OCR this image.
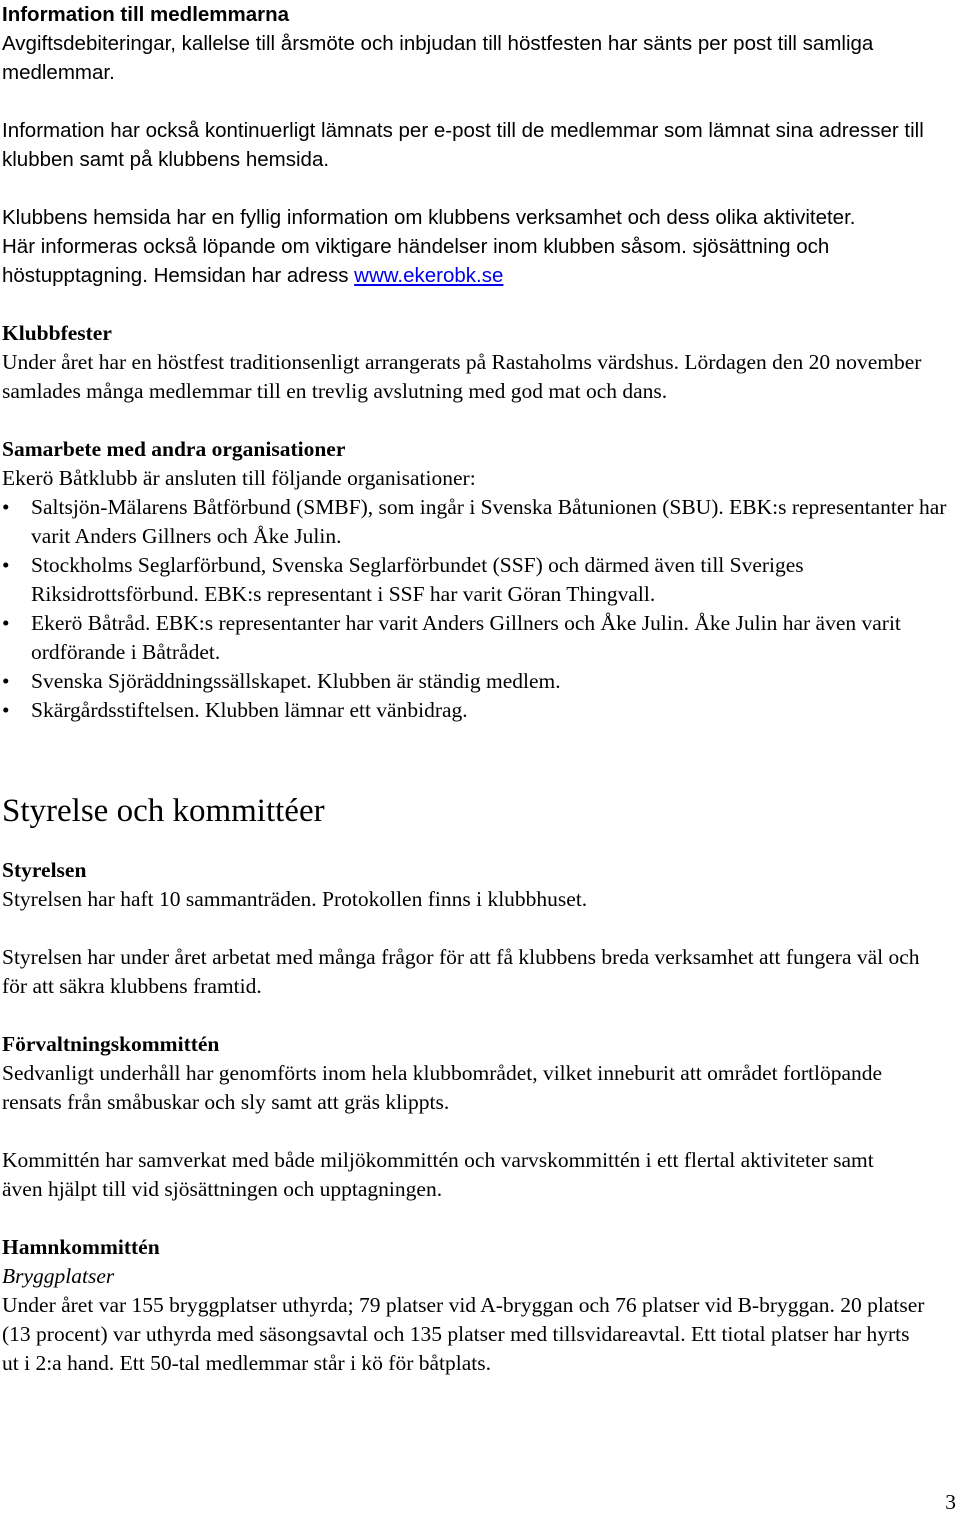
Information till medlemmarna

Avgiftsdebiteringar, kallelse till årsmöte och inbjudan till höstfesten har sänts per post till samliga medlemmar.

Information har också kontinuerligt lämnats per e-post till de medlemmar som lämnat sina adresser till klubben samt på klubbens hemsida.

Klubbens hemsida har en fyllig information om klubbens verksamhet och dess olika aktiviteter. Här informeras också löpande om viktigare händelser inom klubben såsom. sjösättning och höstupptagning. Hemsidan har adress www.ekerobk.se

Klubbfester

Under året har en höstfest traditionsenligt arrangerats på Rastaholms värdshus. Lördagen den 20 november samlades många medlemmar till en trevlig avslutning med god mat och dans.

Samarbete med andra organisationer

Ekerö Båtklubb är ansluten till följande organisationer:

• Saltsjön-Mälarens Båtförbund (SMBF), som ingår i Svenska Båtunionen (SBU). EBK:s representanter har varit Anders Gillners och Åke Julin.
• Stockholms Seglarförbund, Svenska Seglarförbundet (SSF) och därmed även till Sveriges Riksidrottsförbund. EBK:s representant i SSF har varit Göran Thingvall.
• Ekerö Båtråd. EBK:s representanter har varit Anders Gillners och Åke Julin. Åke Julin har även varit ordförande i Båtrådet.
• Svenska Sjöräddningssällskapet. Klubben är ständig medlem.
• Skärgårdsstiftelsen. Klubben lämnar ett vänbidrag.
Styrelse och kommittéer

Styrelsen

Styrelsen har haft 10 sammanträden. Protokollen finns i klubbhuset.

Styrelsen har under året arbetat med många frågor för att få klubbens breda verksamhet att fungera väl och för att säkra klubbens framtid.

Förvaltningskommittén

Sedvanligt underhåll har genomförts inom hela klubbområdet, vilket inneburit att området fortlöpande rensats från småbuskar och sly samt att gräs klippts.

Kommittén har samverkat med både miljökommittén och varvskommittén i ett flertal aktiviteter samt även hjälpt till vid sjösättningen och upptagningen.

Hamnkommittén

Bryggplatser

Under året var 155 bryggplatser uthyrda; 79 platser vid A-bryggan och 76 platser vid B-bryggan. 20 platser (13 procent) var uthyrda med säsongsavtal och 135 platser med tillsvidareavtal. Ett tiotal platser har hyrts ut i 2:a hand. Ett 50-tal medlemmar står i kö för båtplats.

3
